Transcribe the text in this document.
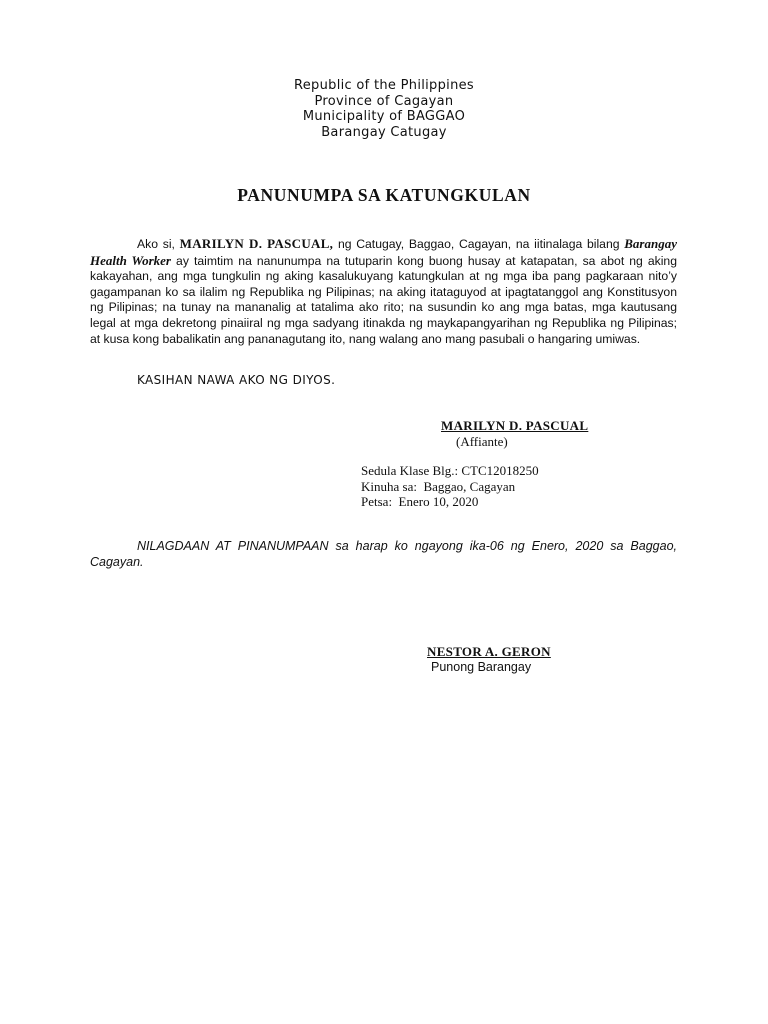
Republic of the Philippines
Province of Cagayan
Municipality of BAGGAO
Barangay Catugay
PANUNUMPA SA KATUNGKULAN
Ako si, MARILYN D. PASCUAL, ng Catugay, Baggao, Cagayan, na iitinalaga bilang Barangay Health Worker ay taimtim na nanunumpa na tutuparin kong buong husay at katapatan, sa abot ng aking kakayahan, ang mga tungkulin ng aking kasalukuyang katungkulan at ng mga iba pang pagkaraan nito’y gagampanan ko sa ilalim ng Republika ng Pilipinas; na aking itataguyod at ipagtatanggol ang Konstitusyon ng Pilipinas; na tunay na mananalig at tatalima ako rito; na susundin ko ang mga batas, mga kautusang legal at mga dekretong pinaiiral ng mga sadyang itinakda ng maykapangyarihan ng Republika ng Pilipinas; at kusa kong babalikatin ang pananagutang ito, nang walang ano mang pasubali o hangaring umiwas.
KASIHAN NAWA AKO NG DIYOS.
MARILYN D. PASCUAL
(Affiante)
Sedula Klase Blg.: CTC12018250
Kinuha sa:  Baggao, Cagayan
Petsa:  Enero 10, 2020
NILAGDAAN AT PINANUMPAAN sa harap ko ngayong ika-06 ng Enero, 2020 sa Baggao, Cagayan.
NESTOR A. GERON
Punong Barangay
